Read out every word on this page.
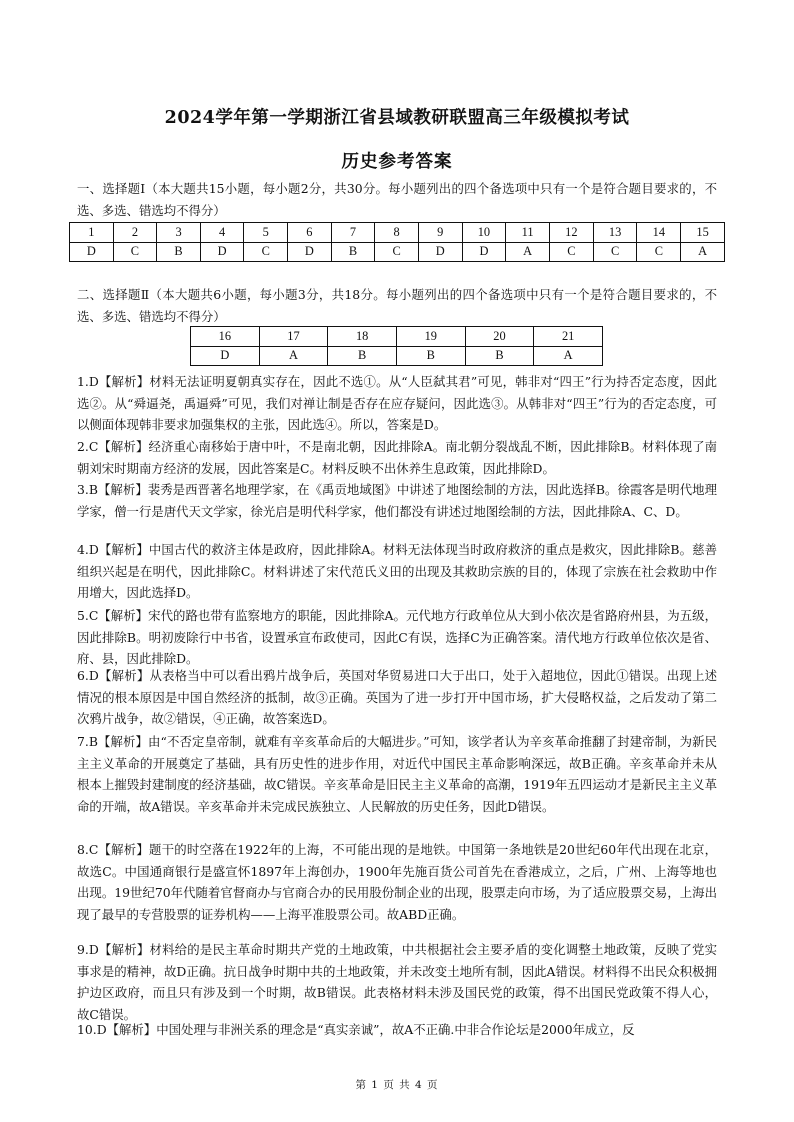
2024学年第一学期浙江省县域教研联盟高三年级模拟考试
历史参考答案

一、选择题Ⅰ（本大题共15小题，每小题2分，共30分。每小题列出的四个备选项中只有一个是符合题目要求的，不选、多选、错选均不得分）

1	2	3	4	5	6	7	8	9	10	11	12	13	14	15
D	C	B	D	C	D	B	C	D	D	A	C	C	C	A

二、选择题Ⅱ（本大题共6小题，每小题3分，共18分。每小题列出的四个备选项中只有一个是符合题目要求的，不选、多选、错选均不得分）

16	17	18	19	20	21
D	A	B	B	B	A

1.D【解析】材料无法证明夏朝真实存在，因此不选①。从“人臣弑其君”可见，韩非对“四王”行为持否定态度，因此选②。从“舜逼尧，禹逼舜”可见，我们对禅让制是否存在应存疑问，因此选③。从韩非对“四王”行为的否定态度，可以侧面体现韩非要求加强集权的主张，因此选④。所以，答案是D。

2.C【解析】经济重心南移始于唐中叶，不是南北朝，因此排除A。南北朝分裂战乱不断，因此排除B。材料体现了南朝刘宋时期南方经济的发展，因此答案是C。材料反映不出休养生息政策，因此排除D。

3.B【解析】裴秀是西晋著名地理学家，在《禹贡地域图》中讲述了地图绘制的方法，因此选择B。徐霞客是明代地理学家，僧一行是唐代天文学家，徐光启是明代科学家，他们都没有讲述过地图绘制的方法，因此排除A、C、D。

4.D【解析】中国古代的救济主体是政府，因此排除A。材料无法体现当时政府救济的重点是救灾，因此排除B。慈善组织兴起是在明代，因此排除C。材料讲述了宋代范氏义田的出现及其救助宗族的目的，体现了宗族在社会救助中作用增大，因此选择D。

5.C【解析】宋代的路也带有监察地方的职能，因此排除A。元代地方行政单位从大到小依次是省路府州县，为五级，因此排除B。明初废除行中书省，设置承宣布政使司，因此C有误，选择C为正确答案。清代地方行政单位依次是省、府、县，因此排除D。

6.D【解析】从表格当中可以看出鸦片战争后，英国对华贸易进口大于出口，处于入超地位，因此①错误。出现上述情况的根本原因是中国自然经济的抵制，故③正确。英国为了进一步打开中国市场，扩大侵略权益，之后发动了第二次鸦片战争，故②错误，④正确，故答案选D。

7.B【解析】由“不否定皇帝制，就难有辛亥革命后的大幅进步。”可知，该学者认为辛亥革命推翻了封建帝制，为新民主主义革命的开展奠定了基础，具有历史性的进步作用，对近代中国民主革命影响深远，故B正确。辛亥革命并未从根本上摧毁封建制度的经济基础，故C错误。辛亥革命是旧民主主义革命的高潮，1919年五四运动才是新民主主义革命的开端，故A错误。辛亥革命并未完成民族独立、人民解放的历史任务，因此D错误。

8.C【解析】题干的时空落在1922年的上海，不可能出现的是地铁。中国第一条地铁是20世纪60年代出现在北京，故选C。中国通商银行是盛宣怀1897年上海创办，1900年先施百货公司首先在香港成立，之后，广州、上海等地也出现。19世纪70年代随着官督商办与官商合办的民用股份制企业的出现，股票走向市场，为了适应股票交易，上海出现了最早的专营股票的证券机构——上海平准股票公司。故ABD正确。

9.D【解析】材料给的是民主革命时期共产党的土地政策，中共根据社会主要矛盾的变化调整土地政策，反映了党实事求是的精神，故D正确。抗日战争时期中共的土地政策，并未改变土地所有制，因此A错误。材料得不出民众积极拥护边区政府，而且只有涉及到一个时期，故B错误。此表格材料未涉及国民党的政策，得不出国民党政策不得人心，故C错误。

10.D【解析】中国处理与非洲关系的理念是“真实亲诚”，故A不正确.中非合作论坛是2000年成立，反

第 1 页 共 4 页
